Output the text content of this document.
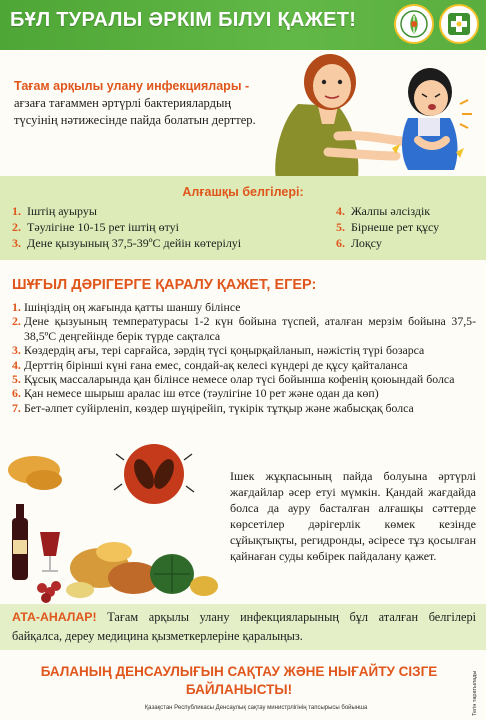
БҰЛ ТУРАЛЫ ӘРКІМ БІЛУІ ҚАЖЕТ!
Тағам арқылы улану инфекциялары - ағзаға тағаммен әртүрлі бактериялардың түсуінің нәтижесінде пайда болатын дерттер.
Алғашқы белгілері:
1. Іштің ауыруы
2. Тәулігіне 10-15 рет іштің өтуі
3. Дене қызуының 37,5-39ºС дейін көтерілуі
4. Жалпы әлсіздік
5. Бірнеше рет құсу
6. Лоқсу
ШҰҒЫЛ ДӘРІГЕРГЕ ҚАРАЛУ ҚАЖЕТ, ЕГЕР:
1. Ішіңіздің оң жағында қатты шаншу білінсе
2. Дене қызуының температурасы 1-2 күн бойына түспей, аталған мерзім бойына 37,5-38,5ºС деңгейінде берік түрде сақталса
3. Көздердің ағы, тері сарғайса, зәрдің түсі қоңырқайланып, нәжістің түрі бозарса
4. Дерттің бірінші күні ғана емес, сондай-ақ келесі күндері де құсу қайталанса
5. Құсық массаларында қан білінсе немесе олар түсі бойынша кофенің қоюындай болса
6. Қан немесе шырыш аралас іш өтсе (тәулігіне 10 рет және одан да көп)
7. Бет-әлпет суйірленіп, көздер шүңірейіп, түкірік тұтқыр және жабысқақ болса
Ішек жұқпасының пайда болуына әртүрлі жағдайлар әсер етуі мүмкін. Қандай жағдайда болса да ауру басталған алғашқы сәттерде көрсетілер дәрігерлік көмек кезінде сұйықтықты, регидронды, әсіресе тұз қосылған қайнаған суды көбірек пайдалану қажет.
АТА-АНАЛАР! Тағам арқылы улану инфекцияларының бұл аталған белгілері байқалса, дереу медицина қызметкерлеріне қаралыңыз.
БАЛАНЫҢ ДЕНСАУЛЫҒЫН САҚТАУ ЖӘНЕ НЫҒАЙТУ СІЗГЕ БАЙЛАНЫСТЫ!
Қазақстан Республикасы Денсаулық сақтау министрлігінің тапсырысы бойынша	Тегін таратылады
